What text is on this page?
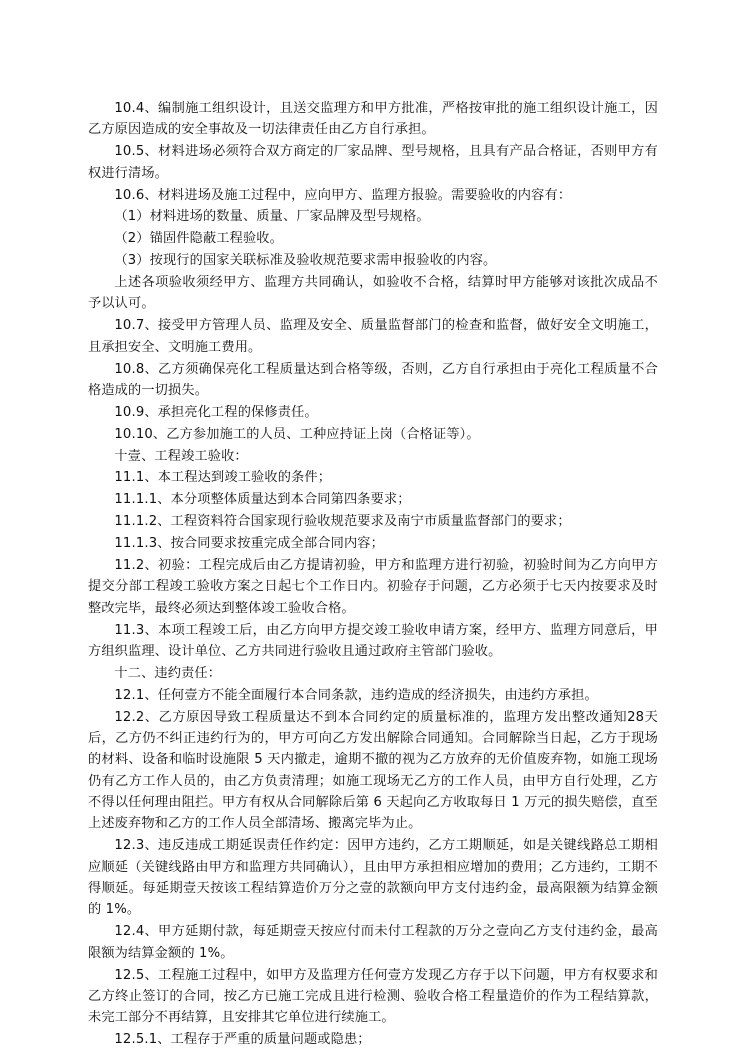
10.4、编制施工组织设计，且送交监理方和甲方批准，严格按审批的施工组织设计施工，因乙方原因造成的安全事故及一切法律责任由乙方自行承担。

10.5、材料进场必须符合双方商定的厂家品牌、型号规格，且具有产品合格证，否则甲方有权进行清场。

10.6、材料进场及施工过程中，应向甲方、监理方报验。需要验收的内容有：

（1）材料进场的数量、质量、厂家品牌及型号规格。

（2）锚固件隐蔽工程验收。

（3）按现行的国家关联标准及验收规范要求需申报验收的内容。

上述各项验收须经甲方、监理方共同确认，如验收不合格，结算时甲方能够对该批次成品不予以认可。

10.7、接受甲方管理人员、监理及安全、质量监督部门的检查和监督，做好安全文明施工，且承担安全、文明施工费用。

10.8、乙方须确保亮化工程质量达到合格等级，否则，乙方自行承担由于亮化工程质量不合格造成的一切损失。

10.9、承担亮化工程的保修责任。

10.10、乙方参加施工的人员、工种应持证上岗（合格证等）。

十壹、工程竣工验收：

11.1、本工程达到竣工验收的条件；

11.1.1、本分项整体质量达到本合同第四条要求；

11.1.2、工程资料符合国家现行验收规范要求及南宁市质量监督部门的要求；

11.1.3、按合同要求按重完成全部合同内容；

11.2、初验：工程完成后由乙方提请初验，甲方和监理方进行初验，初验时间为乙方向甲方提交分部工程竣工验收方案之日起七个工作日内。初验存于问题，乙方必须于七天内按要求及时整改完毕，最终必须达到整体竣工验收合格。

11.3、本项工程竣工后，由乙方向甲方提交竣工验收申请方案，经甲方、监理方同意后，甲方组织监理、设计单位、乙方共同进行验收且通过政府主管部门验收。

十二、违约责任：

12.1、任何壹方不能全面履行本合同条款，违约造成的经济损失，由违约方承担。

12.2、乙方原因导致工程质量达不到本合同约定的质量标准的，监理方发出整改通知28天后，乙方仍不纠正违约行为的，甲方可向乙方发出解除合同通知。合同解除当日起，乙方于现场的材料、设备和临时设施限 5 天内撤走，逾期不撤的视为乙方放弃的无价值废弃物，如施工现场仍有乙方工作人员的，由乙方负责清理；如施工现场无乙方的工作人员，由甲方自行处理，乙方不得以任何理由阻拦。甲方有权从合同解除后第 6 天起向乙方收取每日 1 万元的损失赔偿，直至上述废弃物和乙方的工作人员全部清场、搬离完毕为止。

12.3、违反违成工期延误责任作约定：因甲方违约，乙方工期顺延，如是关键线路总工期相应顺延（关键线路由甲方和监理方共同确认），且由甲方承担相应增加的费用；乙方违约，工期不得顺延。每延期壹天按该工程结算造价万分之壹的款额向甲方支付违约金，最高限额为结算金额的 1%。

12.4、甲方延期付款，每延期壹天按应付而未付工程款的万分之壹向乙方支付违约金，最高限额为结算金额的 1%。

12.5、工程施工过程中，如甲方及监理方任何壹方发现乙方存于以下问题，甲方有权要求和乙方终止签订的合同，按乙方已施工完成且进行检测、验收合格工程量造价的作为工程结算款，未完工部分不再结算，且安排其它单位进行续施工。

12.5.1、工程存于严重的质量问题或隐患；
